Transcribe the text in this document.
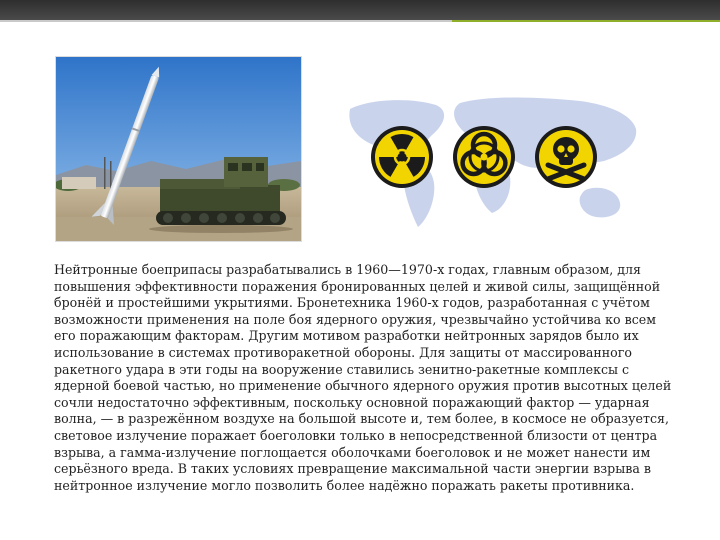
Нейтронные боеприпасы разрабатывались в 1960—1970-х годах, главным образом, для повышения эффективности поражения бронированных целей и живой силы, защищённой бронёй и простейшими укрытиями. Бронетехника 1960-х годов, разработанная с учётом возможности применения на поле боя ядерного оружия, чрезвычайно устойчива ко всем его поражающим факторам. Другим мотивом разработки нейтронных зарядов было их использование в системах противоракетной обороны. Для защиты от массированного ракетного удара в эти годы на вооружение ставились зенитно-ракетные комплексы с ядерной боевой частью, но применение обычного ядерного оружия против высотных целей сочли недостаточно эффективным, поскольку основной поражающий фактор — ударная волна, — в разрежённом воздухе на большой высоте и, тем более, в космосе не образуется, световое излучение поражает боеголовки только в непосредственной близости от центра взрыва, а гамма-излучение поглощается оболочками боеголовок и не может нанести им серьёзного вреда. В таких условиях превращение максимальной части энергии взрыва в нейтронное излучение могло позволить более надёжно поражать ракеты противника.
